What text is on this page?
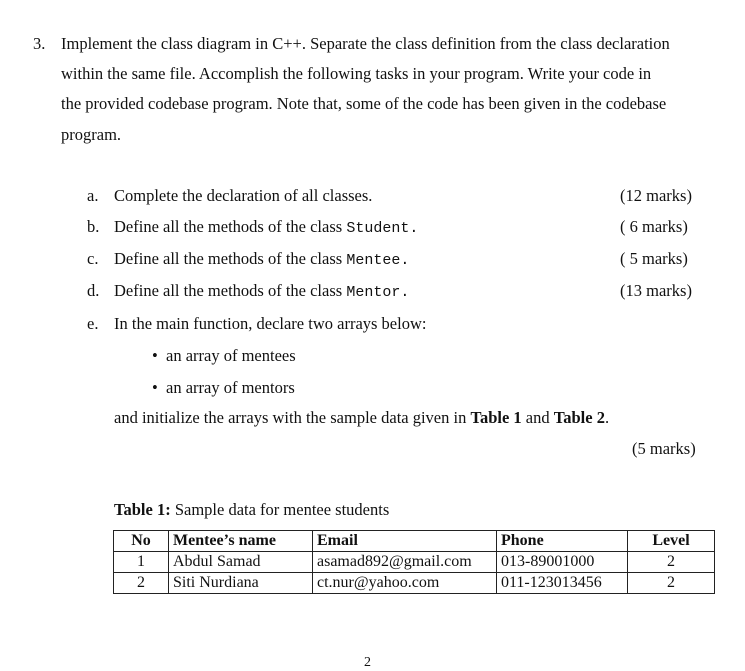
3. Implement the class diagram in C++. Separate the class definition from the class declaration
within the same file. Accomplish the following tasks in your program. Write your code in
the provided codebase program. Note that, some of the code has been given in the codebase
program.
a. Complete the declaration of all classes.	(12 marks)
b. Define all the methods of the class Student.	( 6 marks)
c. Define all the methods of the class Mentee.	( 5 marks)
d. Define all the methods of the class Mentor.	(13 marks)
e. In the main function, declare two arrays below:
• an array of mentees
• an array of mentors
and initialize the arrays with the sample data given in Table 1 and Table 2.
(5 marks)
Table 1: Sample data for mentee students
No	Mentee’s name	Email	Phone	Level
1	Abdul Samad	asamad892@gmail.com	013-89001000	2
2	Siti Nurdiana	ct.nur@yahoo.com	011-123013456	2
2
